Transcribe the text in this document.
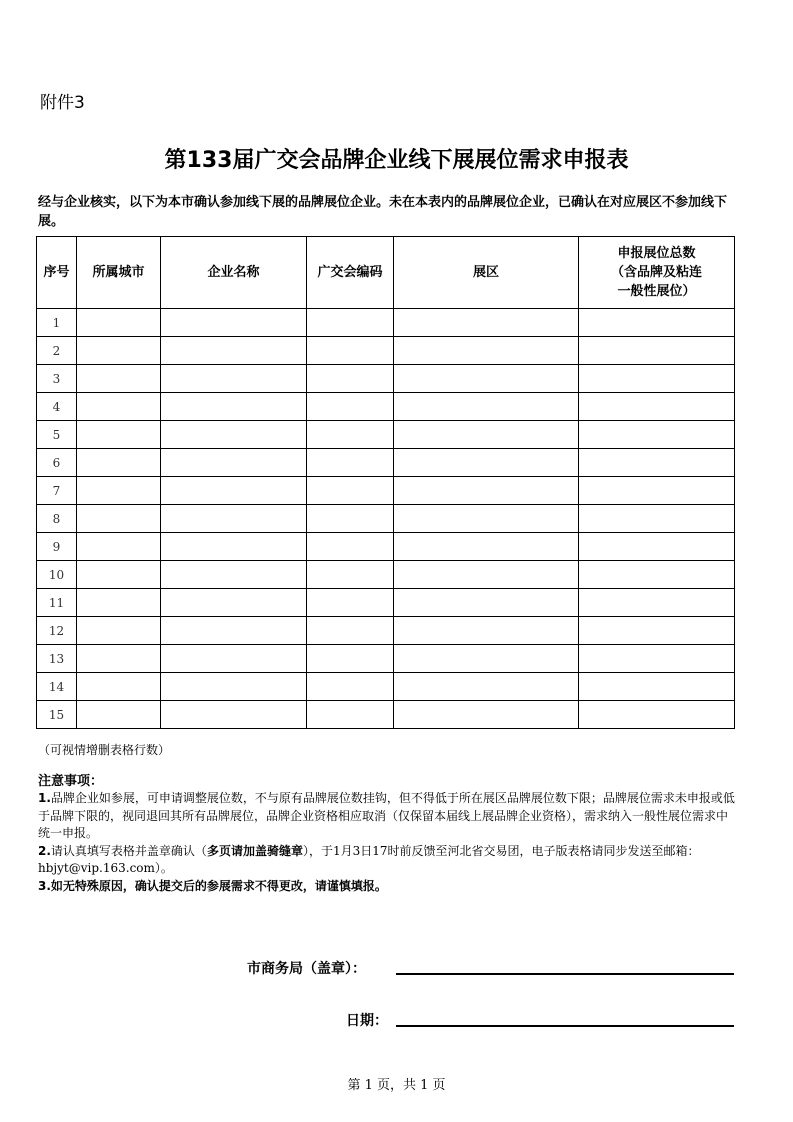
附件3
第133届广交会品牌企业线下展展位需求申报表
经与企业核实，以下为本市确认参加线下展的品牌展位企业。未在本表内的品牌展位企业，已确认在对应展区不参加线下展。
序号	所属城市	企业名称	广交会编码	展区	申报展位总数
（含品牌及粘连
一般性展位）

1					
2					
3					
4					
5					
6					
7					
8					
9					
10					
11					
12					
13					
14					
15					
（可视情增删表格行数）
注意事项：
1.品牌企业如参展，可申请调整展位数，不与原有品牌展位数挂钩，但不得低于所在展区品牌展位数下限；品牌展位需求未申报或低于品牌下限的，视同退回其所有品牌展位，品牌企业资格相应取消（仅保留本届线上展品牌企业资格），需求纳入一般性展位需求中统一申报。
2.请认真填写表格并盖章确认（多页请加盖骑缝章），于1月3日17时前反馈至河北省交易团，电子版表格请同步发送至邮箱：hbjyt@vip.163.com）。
3.如无特殊原因，确认提交后的参展需求不得更改，请谨慎填报。
市商务局（盖章）：
日期：
第 1 页，共 1 页
